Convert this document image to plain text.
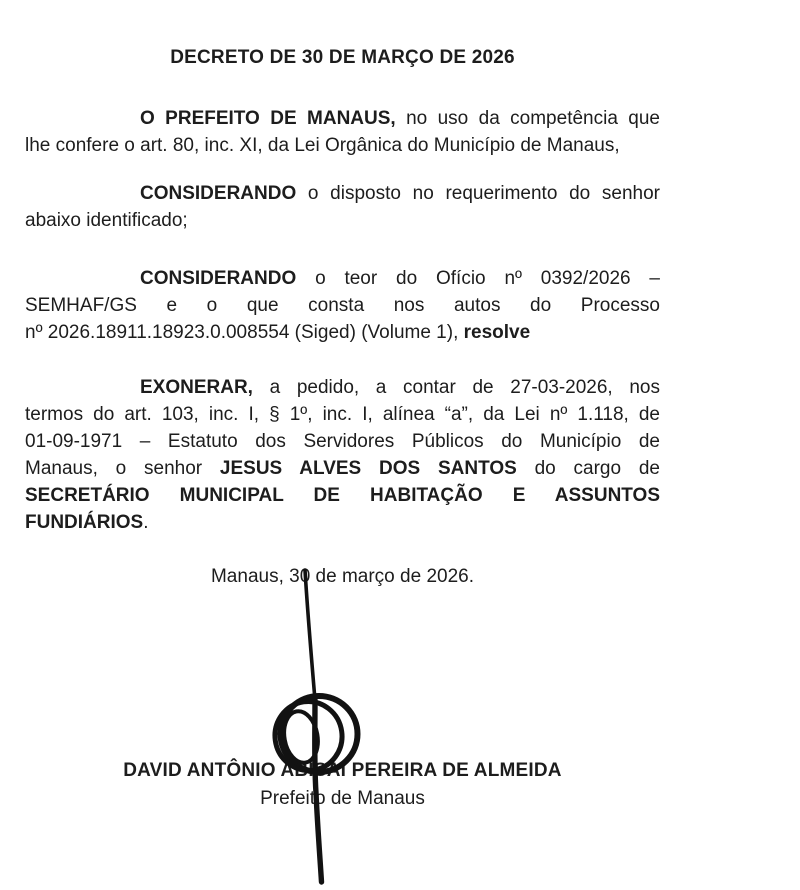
DECRETO DE 30 DE MARÇO DE 2026
O PREFEITO DE MANAUS, no uso da competência que
lhe confere o art. 80, inc. XI, da Lei Orgânica do Município de Manaus,
CONSIDERANDO o disposto no requerimento do senhor
abaixo identificado;
CONSIDERANDO o teor do Ofício nº 0392/2026 –
SEMHAF/GS e o que consta nos autos do Processo
nº 2026.18911.18923.0.008554 (Siged) (Volume 1), resolve
EXONERAR, a pedido, a contar de 27-03-2026, nos
termos do art. 103, inc. I, § 1º, inc. I, alínea “a”, da Lei nº 1.118, de
01-09-1971 – Estatuto dos Servidores Públicos do Município de
Manaus, o senhor JESUS ALVES DOS SANTOS do cargo de
SECRETÁRIO MUNICIPAL DE HABITAÇÃO E ASSUNTOS
FUNDIÁRIOS.
Manaus, 30 de março de 2026.
DAVID ANTÔNIO ABISAI PEREIRA DE ALMEIDA
Prefeito de Manaus
